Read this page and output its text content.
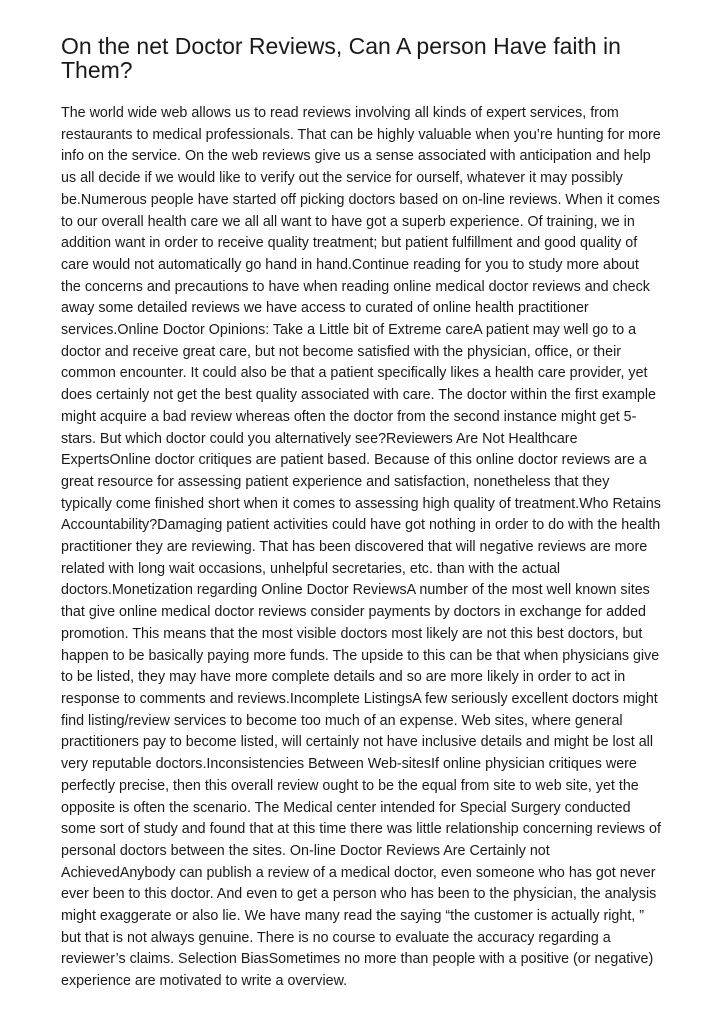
On the net Doctor Reviews, Can A person Have faith in Them?

The world wide web allows us to read reviews involving all kinds of expert services, from restaurants to medical professionals. That can be highly valuable when you’re hunting for more info on the service. On the web reviews give us a sense associated with anticipation and help us all decide if we would like to verify out the service for ourself, whatever it may possibly be.Numerous people have started off picking doctors based on on-line reviews. When it comes to our overall health care we all all want to have got a superb experience. Of training, we in addition want in order to receive quality treatment; but patient fulfillment and good quality of care would not automatically go hand in hand.Continue reading for you to study more about the concerns and precautions to have when reading online medical doctor reviews and check away some detailed reviews we have access to curated of online health practitioner services.Online Doctor Opinions: Take a Little bit of Extreme careA patient may well go to a doctor and receive great care, but not become satisfied with the physician, office, or their common encounter. It could also be that a patient specifically likes a health care provider, yet does certainly not get the best quality associated with care. The doctor within the first example might acquire a bad review whereas often the doctor from the second instance might get 5-stars. But which doctor could you alternatively see?Reviewers Are Not Healthcare ExpertsOnline doctor critiques are patient based. Because of this online doctor reviews are a great resource for assessing patient experience and satisfaction, nonetheless that they typically come finished short when it comes to assessing high quality of treatment.Who Retains Accountability?Damaging patient activities could have got nothing in order to do with the health practitioner they are reviewing. That has been discovered that will negative reviews are more related with long wait occasions, unhelpful secretaries, etc. than with the actual doctors.Monetization regarding Online Doctor ReviewsA number of the most well known sites that give online medical doctor reviews consider payments by doctors in exchange for added promotion. This means that the most visible doctors most likely are not this best doctors, but happen to be basically paying more funds. The upside to this can be that when physicians give to be listed, they may have more complete details and so are more likely in order to act in response to comments and reviews.Incomplete ListingsA few seriously excellent doctors might find listing/review services to become too much of an expense. Web sites, where general practitioners pay to become listed, will certainly not have inclusive details and might be lost all very reputable doctors.Inconsistencies Between Web-sitesIf online physician critiques were perfectly precise, then this overall review ought to be the equal from site to web site, yet the opposite is often the scenario. The Medical center intended for Special Surgery conducted some sort of study and found that at this time there was little relationship concerning reviews of personal doctors between the sites. On-line Doctor Reviews Are Certainly not AchievedAnybody can publish a review of a medical doctor, even someone who has got never ever been to this doctor. And even to get a person who has been to the physician, the analysis might exaggerate or also lie. We have many read the saying “the customer is actually right, ” but that is not always genuine. There is no course to evaluate the accuracy regarding a reviewer’s claims. Selection BiasSometimes no more than people with a positive (or negative) experience are motivated to write a overview.
